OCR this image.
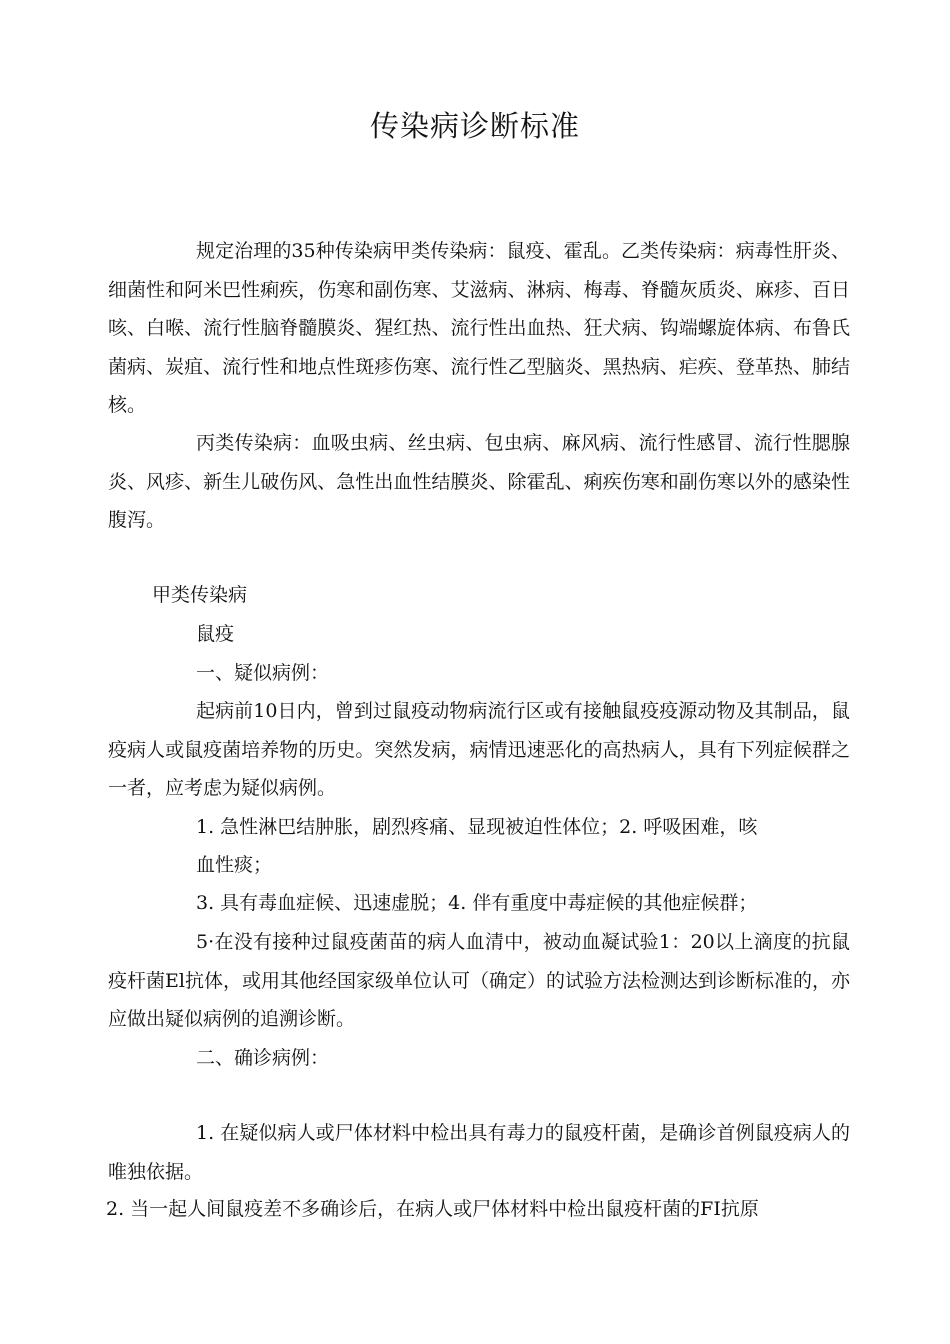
传染病诊断标准

规定治理的35种传染病甲类传染病：鼠疫、霍乱。乙类传染病：病毒性肝炎、细菌性和阿米巴性痢疾，伤寒和副伤寒、艾滋病、淋病、梅毒、脊髓灰质炎、麻疹、百日咳、白喉、流行性脑脊髓膜炎、猩红热、流行性出血热、狂犬病、钩端螺旋体病、布鲁氏菌病、炭疽、流行性和地点性斑疹伤寒、流行性乙型脑炎、黑热病、疟疾、登革热、肺结核。

丙类传染病：血吸虫病、丝虫病、包虫病、麻风病、流行性感冒、流行性腮腺炎、风疹、新生儿破伤风、急性出血性结膜炎、除霍乱、痢疾伤寒和副伤寒以外的感染性腹泻。

甲类传染病

鼠疫

一、疑似病例：

起病前10日内，曾到过鼠疫动物病流行区或有接触鼠疫疫源动物及其制品，鼠疫病人或鼠疫菌培养物的历史。突然发病，病情迅速恶化的高热病人，具有下列症候群之一者，应考虑为疑似病例。

1. 急性淋巴结肿胀，剧烈疼痛、显现被迫性体位；2. 呼吸困难，咳

血性痰；

3. 具有毒血症候、迅速虚脱；4. 伴有重度中毒症候的其他症候群；

5·在没有接种过鼠疫菌苗的病人血清中，被动血凝试验1：20以上滴度的抗鼠疫杆菌El抗体，或用其他经国家级单位认可（确定）的试验方法检测达到诊断标准的，亦应做出疑似病例的追溯诊断。

二、确诊病例：

1. 在疑似病人或尸体材料中检出具有毒力的鼠疫杆菌，是确诊首例鼠疫病人的唯独依据。

2. 当一起人间鼠疫差不多确诊后，在病人或尸体材料中检出鼠疫杆菌的FI抗原
